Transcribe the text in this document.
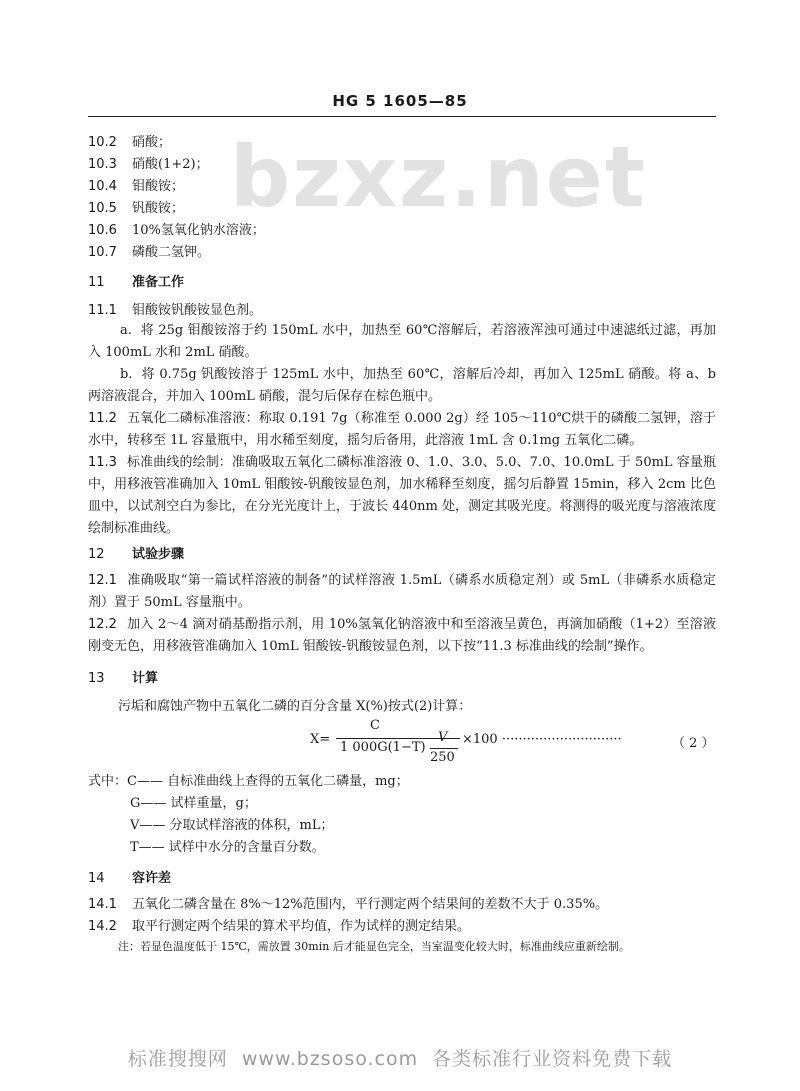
bzxz.net
HG 5 1605—85
10.2 硝酸；
10.3 硝酸(1+2)；
10.4 钼酸铵；
10.5 钒酸铵；
10.6 10%氢氧化钠水溶液；
10.7 磷酸二氢钾。
11 准备工作
11.1 钼酸铵钒酸铵显色剂。
a. 将 25g 钼酸铵溶于约 150mL 水中，加热至 60℃溶解后，若溶液浑浊可通过中速滤纸过滤，再加入 100mL 水和 2mL 硝酸。
b. 将 0.75g 钒酸铵溶于 125mL 水中，加热至 60℃，溶解后冷却，再加入 125mL 硝酸。将 a、b 两溶液混合，并加入 100mL 硝酸，混匀后保存在棕色瓶中。
11.2 五氧化二磷标准溶液：称取 0.191 7g（称准至 0.000 2g）经 105～110℃烘干的磷酸二氢钾，溶于水中，转移至 1L 容量瓶中，用水稀至刻度，摇匀后备用，此溶液 1mL 含 0.1mg 五氧化二磷。
11.3 标准曲线的绘制：准确吸取五氧化二磷标准溶液 0、1.0、3.0、5.0、7.0、10.0mL 于 50mL 容量瓶中，用移液管准确加入 10mL 钼酸铵-钒酸铵显色剂，加水稀释至刻度，摇匀后静置 15min，移入 2cm 比色皿中，以试剂空白为参比，在分光光度计上，于波长 440nm 处，测定其吸光度。将测得的吸光度与溶液浓度绘制标准曲线。
12 试验步骤
12.1 准确吸取“第一篇试样溶液的制备”的试样溶液 1.5mL（磷系水质稳定剂）或 5mL（非磷系水质稳定剂）置于 50mL 容量瓶中。
12.2 加入 2～4 滴对硝基酚指示剂，用 10%氢氧化钠溶液中和至溶液呈黄色，再滴加硝酸（1+2）至溶液刚变无色，用移液管准确加入 10mL 钼酸铵-钒酸铵显色剂，以下按“11.3 标准曲线的绘制”操作。
13 计算
污垢和腐蚀产物中五氧化二磷的百分含量 X(%)按式(2)计算：
X=
C
1 000G(1−T)
V
250
×100 ·····························	（ 2 ）
式中：C—— 自标准曲线上查得的五氧化二磷量，mg；
G—— 试样重量，g；
V—— 分取试样溶液的体积，mL；
T—— 试样中水分的含量百分数。
14 容许差
14.1 五氧化二磷含量在 8%～12%范围内，平行测定两个结果间的差数不大于 0.35%。
14.2 取平行测定两个结果的算术平均值，作为试样的测定结果。
注：若显色温度低于 15℃，需放置 30min 后才能显色完全，当室温变化较大时，标准曲线应重新绘制。
标准搜搜网 www.bzsoso.com 各类标准行业资料免费下载
